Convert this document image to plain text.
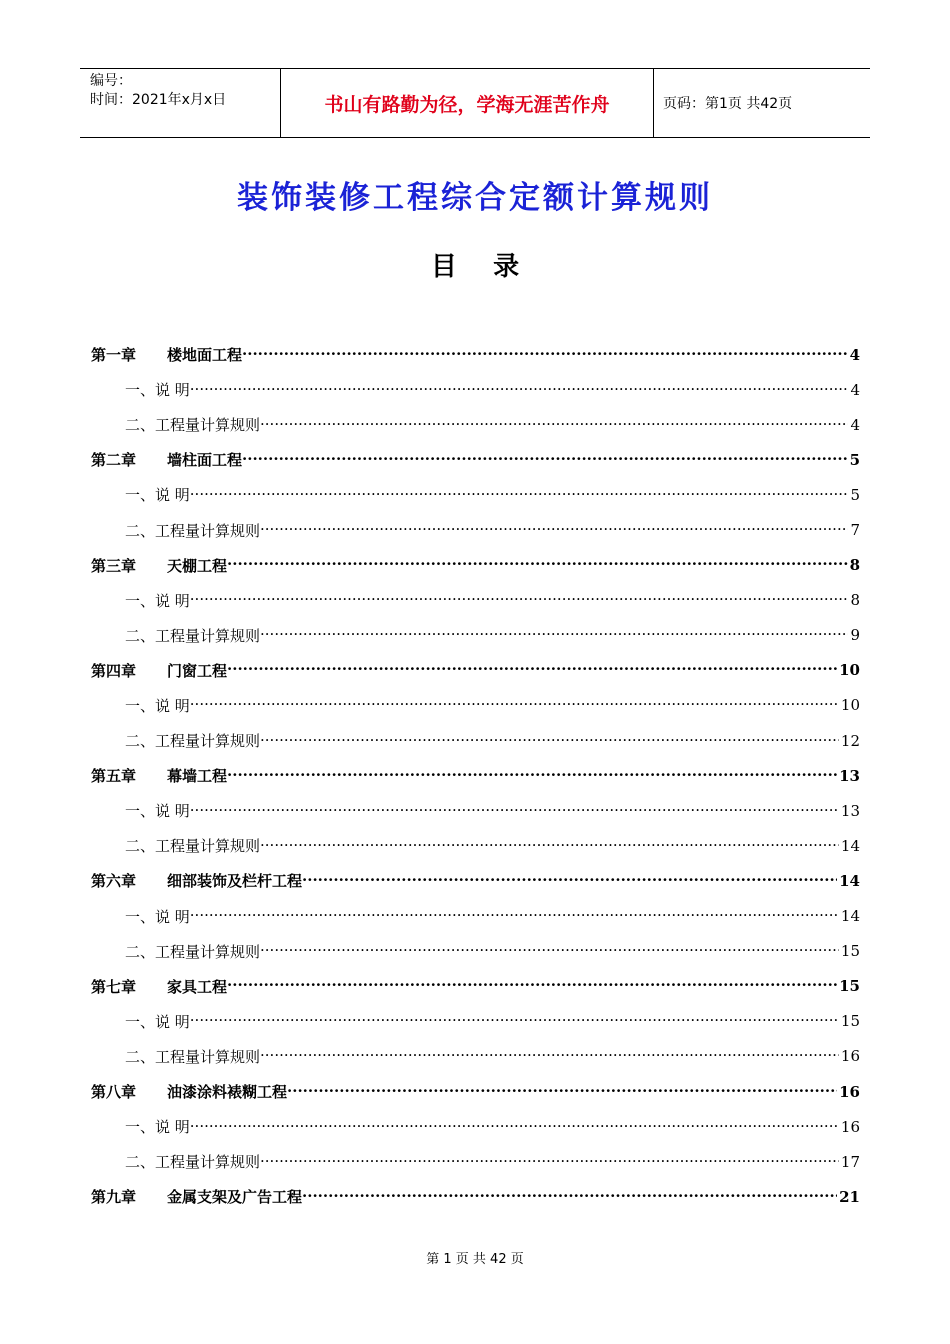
编号：
时间：2021年x月x日	书山有路勤为径，学海无涯苦作舟	页码：第1页 共42页
装饰装修工程综合定额计算规则
目    录
第一章	楼地面工程 ·····	4
一、说 明 ·····	4
二、工程量计算规则 ·····	4
第二章	墙柱面工程 ·····	5
一、说 明 ·····	5
二、工程量计算规则 ·····	7
第三章	天棚工程 ·····	8
一、说 明 ·····	8
二、工程量计算规则 ·····	9
第四章	门窗工程 ·····	10
一、说 明 ·····	10
二、工程量计算规则 ·····	12
第五章	幕墙工程 ·····	13
一、说 明 ·····	13
二、工程量计算规则 ·····	14
第六章	细部装饰及栏杆工程 ·····	14
一、说 明 ·····	14
二、工程量计算规则 ·····	15
第七章	家具工程 ·····	15
一、说 明 ·····	15
二、工程量计算规则 ·····	16
第八章	油漆涂料裱糊工程 ·····	16
一、说 明 ·····	16
二、工程量计算规则 ·····	17
第九章	金属支架及广告工程 ·····	21
第 1 页 共 42 页
